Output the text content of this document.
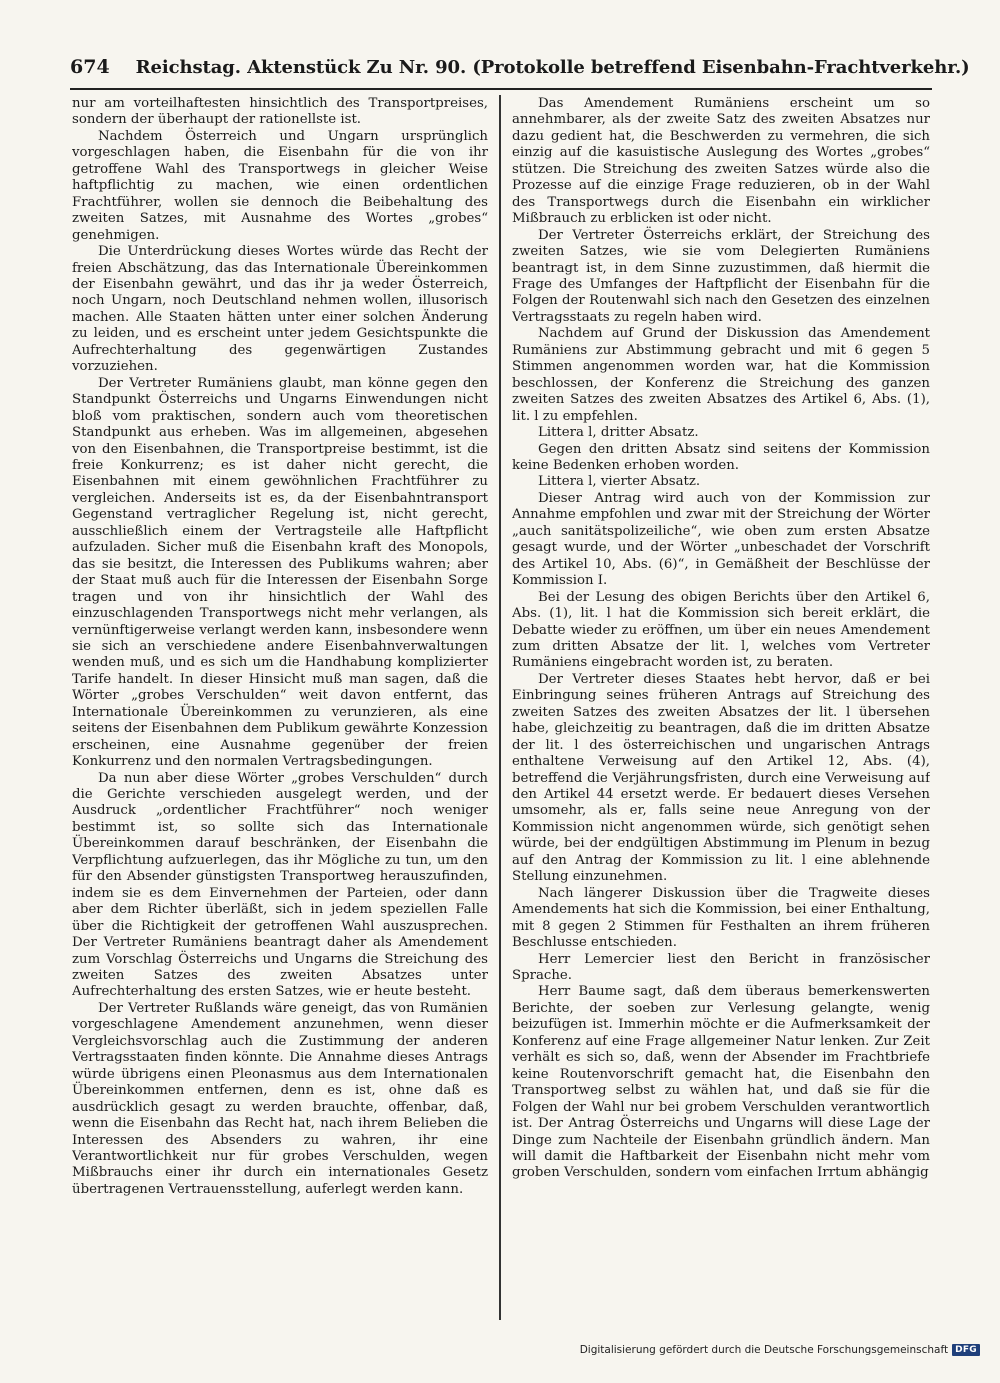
674 Reichstag. Aktenstück Zu Nr. 90. (Protokolle betreffend Eisenbahn-Frachtverkehr.)

nur am vorteilhaftesten hinsichtlich des Transportpreises, sondern der überhaupt der rationellste ist.

Nachdem Österreich und Ungarn ursprünglich vorgeschlagen haben, die Eisenbahn für die von ihr getroffene Wahl des Transportwegs in gleicher Weise haftpflichtig zu machen, wie einen ordentlichen Frachtführer, wollen sie dennoch die Beibehaltung des zweiten Satzes, mit Ausnahme des Wortes „grobes“ genehmigen.

Die Unterdrückung dieses Wortes würde das Recht der freien Abschätzung, das das Internationale Übereinkommen der Eisenbahn gewährt, und das ihr ja weder Österreich, noch Ungarn, noch Deutschland nehmen wollen, illusorisch machen. Alle Staaten hätten unter einer solchen Änderung zu leiden, und es erscheint unter jedem Gesichtspunkte die Aufrechterhaltung des gegenwärtigen Zustandes vorzuziehen.

Der Vertreter Rumäniens glaubt, man könne gegen den Standpunkt Österreichs und Ungarns Einwendungen nicht bloß vom praktischen, sondern auch vom theoretischen Standpunkt aus erheben. Was im allgemeinen, abgesehen von den Eisenbahnen, die Transportpreise bestimmt, ist die freie Konkurrenz; es ist daher nicht gerecht, die Eisenbahnen mit einem gewöhnlichen Frachtführer zu vergleichen. Anderseits ist es, da der Eisenbahntransport Gegenstand vertraglicher Regelung ist, nicht gerecht, ausschließlich einem der Vertragsteile alle Haftpflicht aufzuladen. Sicher muß die Eisenbahn kraft des Monopols, das sie besitzt, die Interessen des Publikums wahren; aber der Staat muß auch für die Interessen der Eisenbahn Sorge tragen und von ihr hinsichtlich der Wahl des einzuschlagenden Transportwegs nicht mehr verlangen, als vernünftigerweise verlangt werden kann, insbesondere wenn sie sich an verschiedene andere Eisenbahnverwaltungen wenden muß, und es sich um die Handhabung komplizierter Tarife handelt. In dieser Hinsicht muß man sagen, daß die Wörter „grobes Verschulden“ weit davon entfernt, das Internationale Übereinkommen zu verunzieren, als eine seitens der Eisenbahnen dem Publikum gewährte Konzession erscheinen, eine Ausnahme gegenüber der freien Konkurrenz und den normalen Vertragsbedingungen.

Da nun aber diese Wörter „grobes Verschulden“ durch die Gerichte verschieden ausgelegt werden, und der Ausdruck „ordentlicher Frachtführer“ noch weniger bestimmt ist, so sollte sich das Internationale Übereinkommen darauf beschränken, der Eisenbahn die Verpflichtung aufzuerlegen, das ihr Mögliche zu tun, um den für den Absender günstigsten Transportweg herauszufinden, indem sie es dem Einvernehmen der Parteien, oder dann aber dem Richter überläßt, sich in jedem speziellen Falle über die Richtigkeit der getroffenen Wahl auszusprechen. Der Vertreter Rumäniens beantragt daher als Amendement zum Vorschlag Österreichs und Ungarns die Streichung des zweiten Satzes des zweiten Absatzes unter Aufrechterhaltung des ersten Satzes, wie er heute besteht.

Der Vertreter Rußlands wäre geneigt, das von Rumänien vorgeschlagene Amendement anzunehmen, wenn dieser Vergleichsvorschlag auch die Zustimmung der anderen Vertragsstaaten finden könnte. Die Annahme dieses Antrags würde übrigens einen Pleonasmus aus dem Internationalen Übereinkommen entfernen, denn es ist, ohne daß es ausdrücklich gesagt zu werden brauchte, offenbar, daß, wenn die Eisenbahn das Recht hat, nach ihrem Belieben die Interessen des Absenders zu wahren, ihr eine Verantwortlichkeit nur für grobes Verschulden, wegen Mißbrauchs einer ihr durch ein internationales Gesetz übertragenen Vertrauensstellung, auferlegt werden kann.

Das Amendement Rumäniens erscheint um so annehmbarer, als der zweite Satz des zweiten Absatzes nur dazu gedient hat, die Beschwerden zu vermehren, die sich einzig auf die kasuistische Auslegung des Wortes „grobes“ stützen. Die Streichung des zweiten Satzes würde also die Prozesse auf die einzige Frage reduzieren, ob in der Wahl des Transportwegs durch die Eisenbahn ein wirklicher Mißbrauch zu erblicken ist oder nicht.

Der Vertreter Österreichs erklärt, der Streichung des zweiten Satzes, wie sie vom Delegierten Rumäniens beantragt ist, in dem Sinne zuzustimmen, daß hiermit die Frage des Umfanges der Haftpflicht der Eisenbahn für die Folgen der Routenwahl sich nach den Gesetzen des einzelnen Vertragsstaats zu regeln haben wird.

Nachdem auf Grund der Diskussion das Amendement Rumäniens zur Abstimmung gebracht und mit 6 gegen 5 Stimmen angenommen worden war, hat die Kommission beschlossen, der Konferenz die Streichung des ganzen zweiten Satzes des zweiten Absatzes des Artikel 6, Abs. (1), lit. l zu empfehlen.

Littera l, dritter Absatz.

Gegen den dritten Absatz sind seitens der Kommission keine Bedenken erhoben worden.

Littera l, vierter Absatz.

Dieser Antrag wird auch von der Kommission zur Annahme empfohlen und zwar mit der Streichung der Wörter „auch sanitätspolizeiliche“, wie oben zum ersten Absatze gesagt wurde, und der Wörter „unbeschadet der Vorschrift des Artikel 10, Abs. (6)“, in Gemäßheit der Beschlüsse der Kommission I.

Bei der Lesung des obigen Berichts über den Artikel 6, Abs. (1), lit. l hat die Kommission sich bereit erklärt, die Debatte wieder zu eröffnen, um über ein neues Amendement zum dritten Absatze der lit. l, welches vom Vertreter Rumäniens eingebracht worden ist, zu beraten.

Der Vertreter dieses Staates hebt hervor, daß er bei Einbringung seines früheren Antrags auf Streichung des zweiten Satzes des zweiten Absatzes der lit. l übersehen habe, gleichzeitig zu beantragen, daß die im dritten Absatze der lit. l des österreichischen und ungarischen Antrags enthaltene Verweisung auf den Artikel 12, Abs. (4), betreffend die Verjährungsfristen, durch eine Verweisung auf den Artikel 44 ersetzt werde. Er bedauert dieses Versehen umsomehr, als er, falls seine neue Anregung von der Kommission nicht angenommen würde, sich genötigt sehen würde, bei der endgültigen Abstimmung im Plenum in bezug auf den Antrag der Kommission zu lit. l eine ablehnende Stellung einzunehmen.

Nach längerer Diskussion über die Tragweite dieses Amendements hat sich die Kommission, bei einer Enthaltung, mit 8 gegen 2 Stimmen für Festhalten an ihrem früheren Beschlusse entschieden.

Herr Lemercier liest den Bericht in französischer Sprache.

Herr Baume sagt, daß dem überaus bemerkenswerten Berichte, der soeben zur Verlesung gelangte, wenig beizufügen ist. Immerhin möchte er die Aufmerksamkeit der Konferenz auf eine Frage allgemeiner Natur lenken. Zur Zeit verhält es sich so, daß, wenn der Absender im Frachtbriefe keine Routenvorschrift gemacht hat, die Eisenbahn den Transportweg selbst zu wählen hat, und daß sie für die Folgen der Wahl nur bei grobem Verschulden verantwortlich ist. Der Antrag Österreichs und Ungarns will diese Lage der Dinge zum Nachteile der Eisenbahn gründlich ändern. Man will damit die Haftbarkeit der Eisenbahn nicht mehr vom groben Verschulden, sondern vom einfachen Irrtum abhängig

Digitalisierung gefördert durch die Deutsche Forschungsgemeinschaft DFG
